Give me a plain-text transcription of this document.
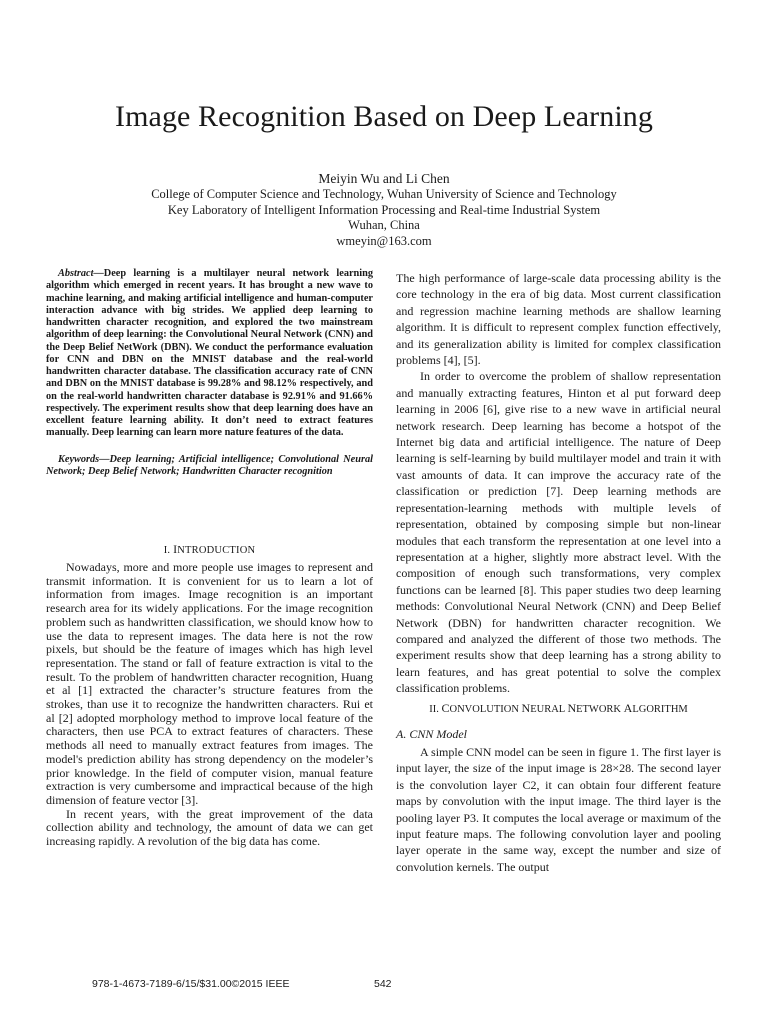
Image Recognition Based on Deep Learning
Meiyin Wu and Li Chen
College of Computer Science and Technology, Wuhan University of Science and Technology
Key Laboratory of Intelligent Information Processing and Real-time Industrial System
Wuhan, China
wmeyin@163.com

Abstract—Deep learning is a multilayer neural network learning algorithm which emerged in recent years. It has brought a new wave to machine learning, and making artificial intelligence and human-computer interaction advance with big strides. We applied deep learning to handwritten character recognition, and explored the two mainstream algorithm of deep learning: the Convolutional Neural Network (CNN) and the Deep Belief NetWork (DBN). We conduct the performance evaluation for CNN and DBN on the MNIST database and the real-world handwritten character database. The classification accuracy rate of CNN and DBN on the MNIST database is 99.28% and 98.12% respectively, and on the real-world handwritten character database is 92.91% and 91.66% respectively. The experiment results show that deep learning does have an excellent feature learning ability. It don’t need to extract features manually. Deep learning can learn more nature features of the data.

Keywords—Deep learning; Artificial intelligence; Convolutional Neural Network; Deep Belief Network; Handwritten Character recognition

I. INTRODUCTION

Nowadays, more and more people use images to represent and transmit information. It is convenient for us to learn a lot of information from images. Image recognition is an important research area for its widely applications. For the image recognition problem such as handwritten classification, we should know how to use the data to represent images. The data here is not the row pixels, but should be the feature of images which has high level representation. The stand or fall of feature extraction is vital to the result. To the problem of handwritten character recognition, Huang et al [1] extracted the character’s structure features from the strokes, than use it to recognize the handwritten characters. Rui et al [2] adopted morphology method to improve local feature of the characters, then use PCA to extract features of characters. These methods all need to manually extract features from images. The model's prediction ability has strong dependency on the modeler’s prior knowledge. In the field of computer vision, manual feature extraction is very cumbersome and impractical because of the high dimension of feature vector [3].

In recent years, with the great improvement of the data collection ability and technology, the amount of data we can get increasing rapidly. A revolution of the big data has come.

The high performance of large-scale data processing ability is the core technology in the era of big data. Most current classification and regression machine learning methods are shallow learning algorithm. It is difficult to represent complex function effectively, and its generalization ability is limited for complex classification problems [4], [5].

In order to overcome the problem of shallow representation and manually extracting features, Hinton et al put forward deep learning in 2006 [6], give rise to a new wave in artificial neural network research. Deep learning has become a hotspot of the Internet big data and artificial intelligence. The nature of Deep learning is self-learning by build multilayer model and train it with vast amounts of data. It can improve the accuracy rate of the classification or prediction [7]. Deep learning methods are representation-learning methods with multiple levels of representation, obtained by composing simple but non-linear modules that each transform the representation at one level into a representation at a higher, slightly more abstract level. With the composition of enough such transformations, very complex functions can be learned [8]. This paper studies two deep learning methods: Convolutional Neural Network (CNN) and Deep Belief Network (DBN) for handwritten character recognition. We compared and analyzed the different of those two methods. The experiment results show that deep learning has a strong ability to learn features, and has great potential to solve the complex classification problems.

II. CONVOLUTION NEURAL NETWORK ALGORITHM
A. CNN Model

A simple CNN model can be seen in figure 1. The first layer is input layer, the size of the input image is 28×28. The second layer is the convolution layer C2, it can obtain four different feature maps by convolution with the input image. The third layer is the pooling layer P3. It computes the local average or maximum of the input feature maps. The following convolution layer and pooling layer operate in the same way, except the number and size of convolution kernels. The output

978-1-4673-7189-6/15/$31.00©2015 IEEE	542
